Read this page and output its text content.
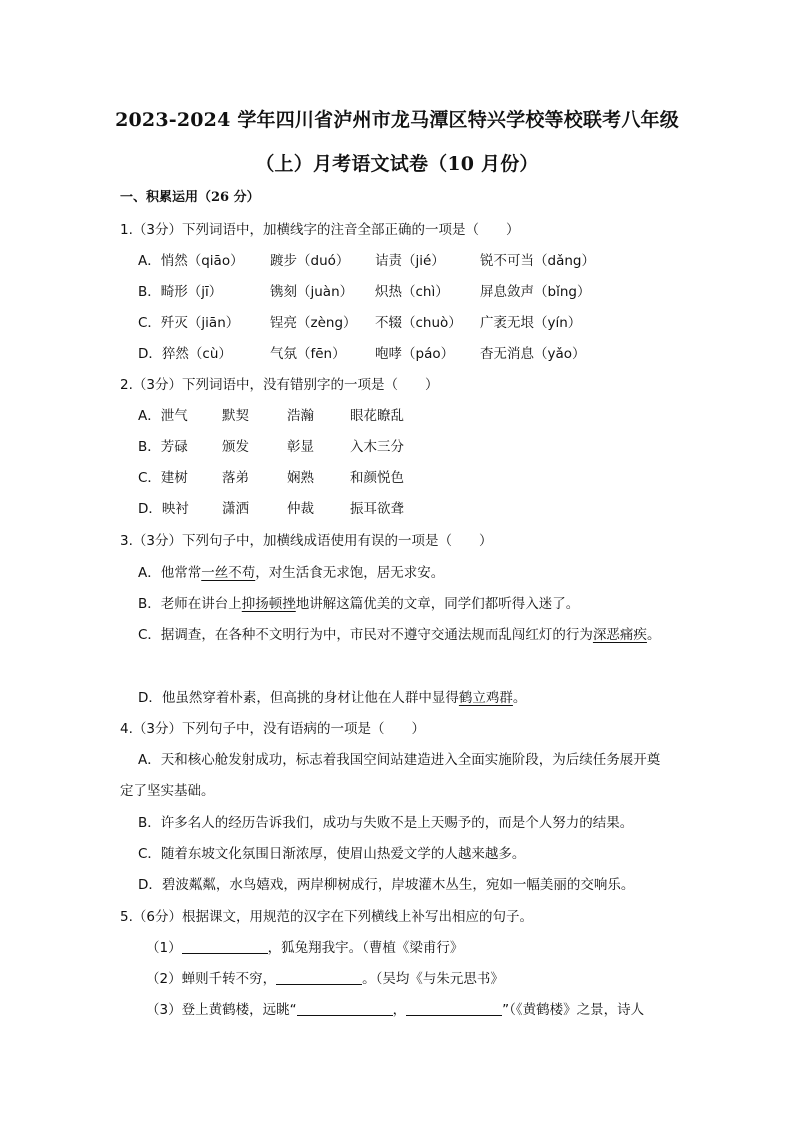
2023-2024 学年四川省泸州市龙马潭区特兴学校等校联考八年级
（上）月考语文试卷（10 月份）
一、积累运用（26 分）
1.（3分）下列词语中，加横线字的注音全部正确的一项是（　　）
A．悄然（qiāo） 踱步（duó） 诘责（jié）	锐不可当（dǎng）
B．畸形（jī）	镌刻（juàn） 炽热（chì） 屏息敛声（bǐng）
C．歼灭（jiān） 锃亮（zèng） 不辍（chuò） 广袤无垠（yín）
D．猝然（cù）	气氛（fēn） 咆哮（páo） 杳无消息（yǎo）
2.（3分）下列词语中，没有错别字的一项是（　　）
A．泄气	默契	浩瀚	眼花瞭乱
B．芳碌	颁发	彰显	入木三分
C．建树	落弟	娴熟	和颜悦色
D．映衬 潇洒	仲裁	振耳欲聋
3.（3分）下列句子中，加横线成语使用有误的一项是（　　）
A．他常常一丝不苟，对生活食无求饱，居无求安。
B．老师在讲台上抑扬顿挫地讲解这篇优美的文章，同学们都听得入迷了。
C．据调查，在各种不文明行为中，市民对不遵守交通法规而乱闯红灯的行为深恶痛疾。
D．他虽然穿着朴素，但高挑的身材让他在人群中显得鹤立鸡群。
4.（3分）下列句子中，没有语病的一项是（　　）
A．天和核心舱发射成功，标志着我国空间站建造进入全面实施阶段，为后续任务展开奠
定了坚实基础。
B．许多名人的经历告诉我们，成功与失败不是上天赐予的，而是个人努力的结果。
C．随着东坡文化氛围日渐浓厚，使眉山热爱文学的人越来越多。
D．碧波粼粼，水鸟嬉戏，两岸柳树成行，岸坡灌木丛生，宛如一幅美丽的交响乐。
5.（6分）根据课文，用规范的汉字在下列横线上补写出相应的句子。
（1）	，狐兔翔我宇。（曹植《梁甫行》
（2）蝉则千转不穷，	。（吴均《与朱元思书》
（3）登上黄鹤楼，远眺“	，	”（《黄鹤楼》之景，诗人
